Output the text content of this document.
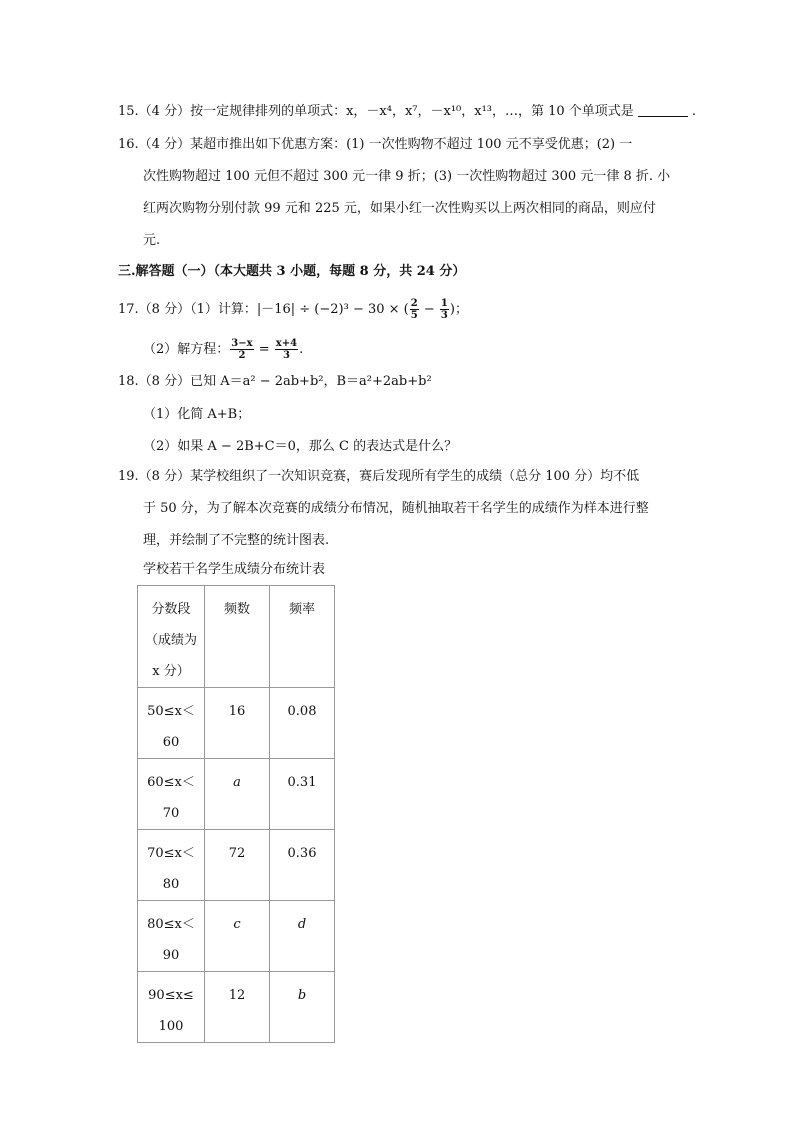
15.（4 分）按一定规律排列的单项式：x，－x⁴，x⁷，－x¹⁰，x¹³，…，第 10 个单项式是	.
16.（4 分）某超市推出如下优惠方案：(1) 一次性购物不超过 100 元不享受优惠；(2) 一
次性购物超过 100 元但不超过 300 元一律 9 折；(3) 一次性购物超过 300 元一律 8 折. 小
红两次购物分别付款 99 元和 225 元，如果小红一次性购买以上两次相同的商品，则应付
元.
三.解答题（一）（本大题共 3 小题，每题 8 分，共 24 分）
17.（8 分）（1）计算：|－16| ÷ (−2)³ − 30 × ( $\frac{2}{5} - \frac{1}{3}$ )；
（2）解方程： $\frac{3-x}{2} = \frac{x+4}{3}$ .
18.（8 分）已知 A＝a² − 2ab+b²，B＝a²+2ab+b²
（1）化简 A+B；
（2）如果 A − 2B+C＝0，那么 C 的表达式是什么？
19.（8 分）某学校组织了一次知识竞赛，赛后发现所有学生的成绩（总分 100 分）均不低
于 50 分，为了解本次竞赛的成绩分布情况，随机抽取若干名学生的成绩作为样本进行整
理，并绘制了不完整的统计图表.
学校若干名学生成绩分布统计表
分数段
（成绩为
x 分）	频数	频率

50≤x＜
60	16	0.08

60≤x＜
70	a	0.31

70≤x＜
80	72	0.36

80≤x＜
90	c	d

90≤x≤
100	12	b
